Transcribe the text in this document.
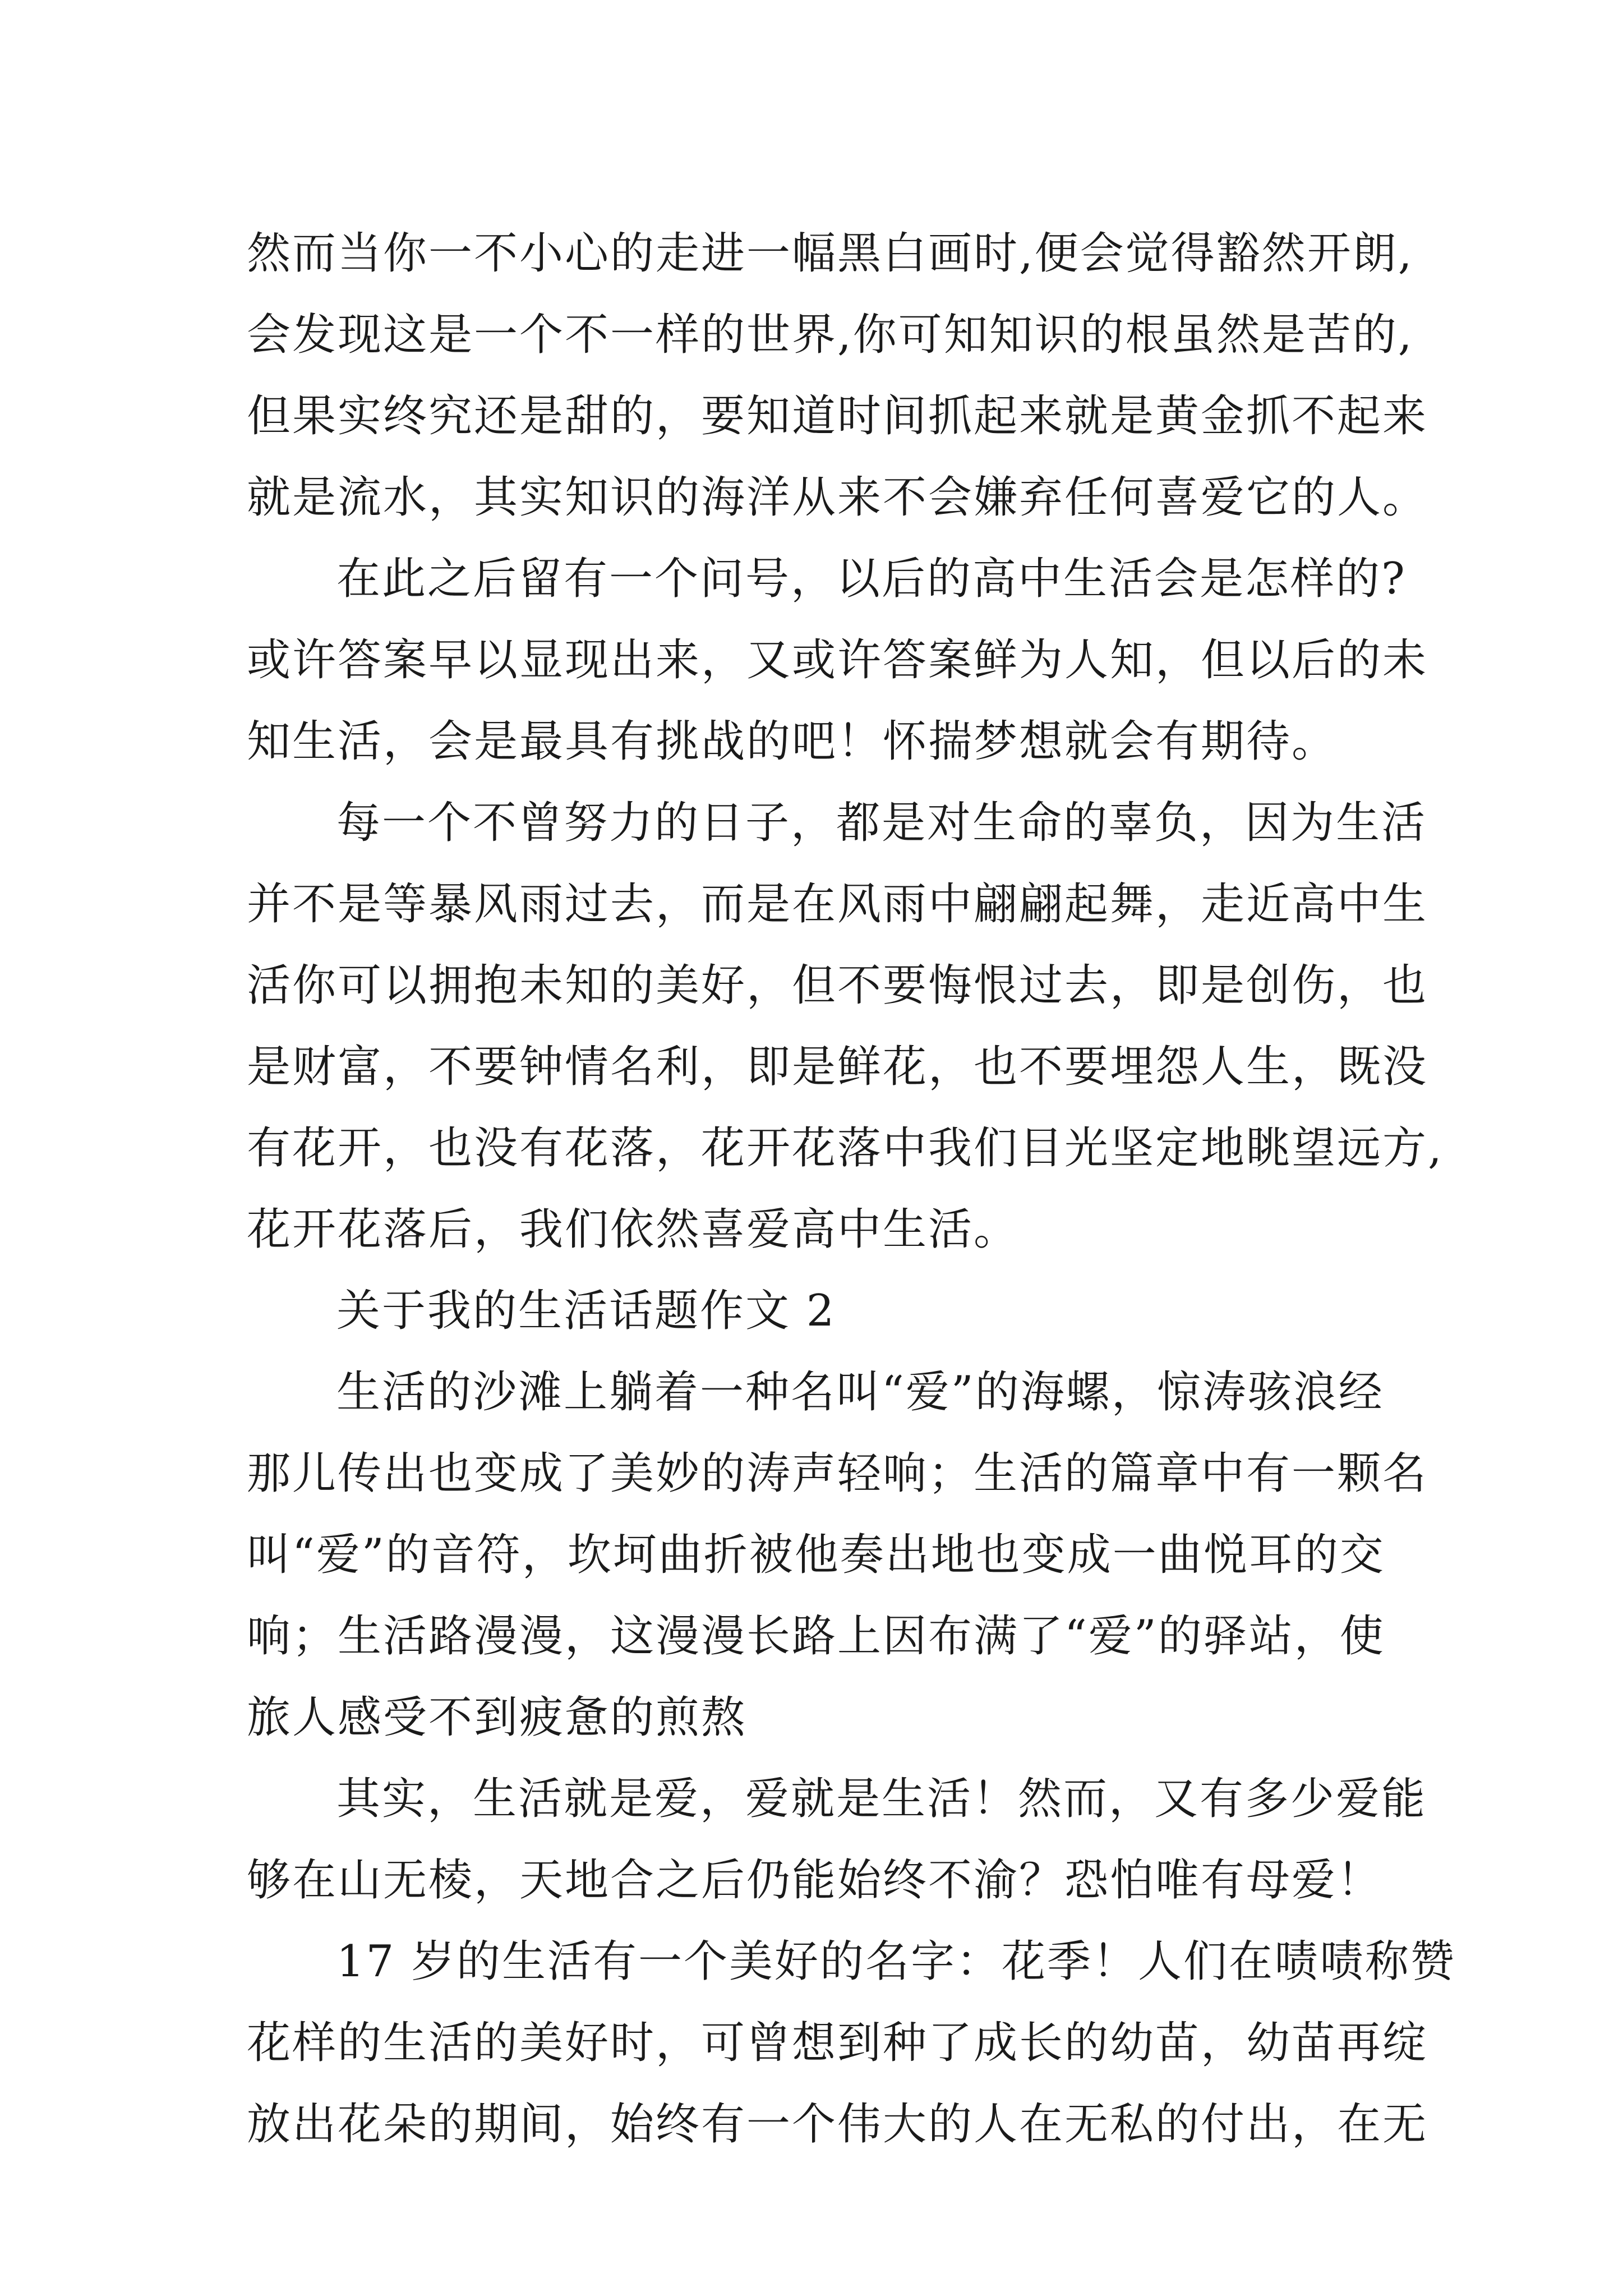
然而当你一不小心的走进一幅黑白画时,便会觉得豁然开朗,
会发现这是一个不一样的世界,你可知知识的根虽然是苦的,
但果实终究还是甜的，要知道时间抓起来就是黄金抓不起来
就是流水，其实知识的海洋从来不会嫌弃任何喜爱它的人。
在此之后留有一个问号，以后的高中生活会是怎样的?
或许答案早以显现出来，又或许答案鲜为人知，但以后的未
知生活，会是最具有挑战的吧！怀揣梦想就会有期待。
每一个不曾努力的日子，都是对生命的辜负，因为生活
并不是等暴风雨过去，而是在风雨中翩翩起舞，走近高中生
活你可以拥抱未知的美好，但不要悔恨过去，即是创伤，也
是财富，不要钟情名利，即是鲜花，也不要埋怨人生，既没
有花开，也没有花落，花开花落中我们目光坚定地眺望远方,
花开花落后，我们依然喜爱高中生活。
关于我的生活话题作文 2
生活的沙滩上躺着一种名叫“爱”的海螺，惊涛骇浪经
那儿传出也变成了美妙的涛声轻响；生活的篇章中有一颗名
叫“爱”的音符，坎坷曲折被他奏出地也变成一曲悦耳的交
响；生活路漫漫，这漫漫长路上因布满了“爱”的驿站，使
旅人感受不到疲惫的煎熬
其实，生活就是爱，爱就是生活！然而，又有多少爱能
够在山无棱，天地合之后仍能始终不渝？恐怕唯有母爱！
17 岁的生活有一个美好的名字：花季！人们在啧啧称赞
花样的生活的美好时，可曾想到种了成长的幼苗，幼苗再绽
放出花朵的期间，始终有一个伟大的人在无私的付出，在无
